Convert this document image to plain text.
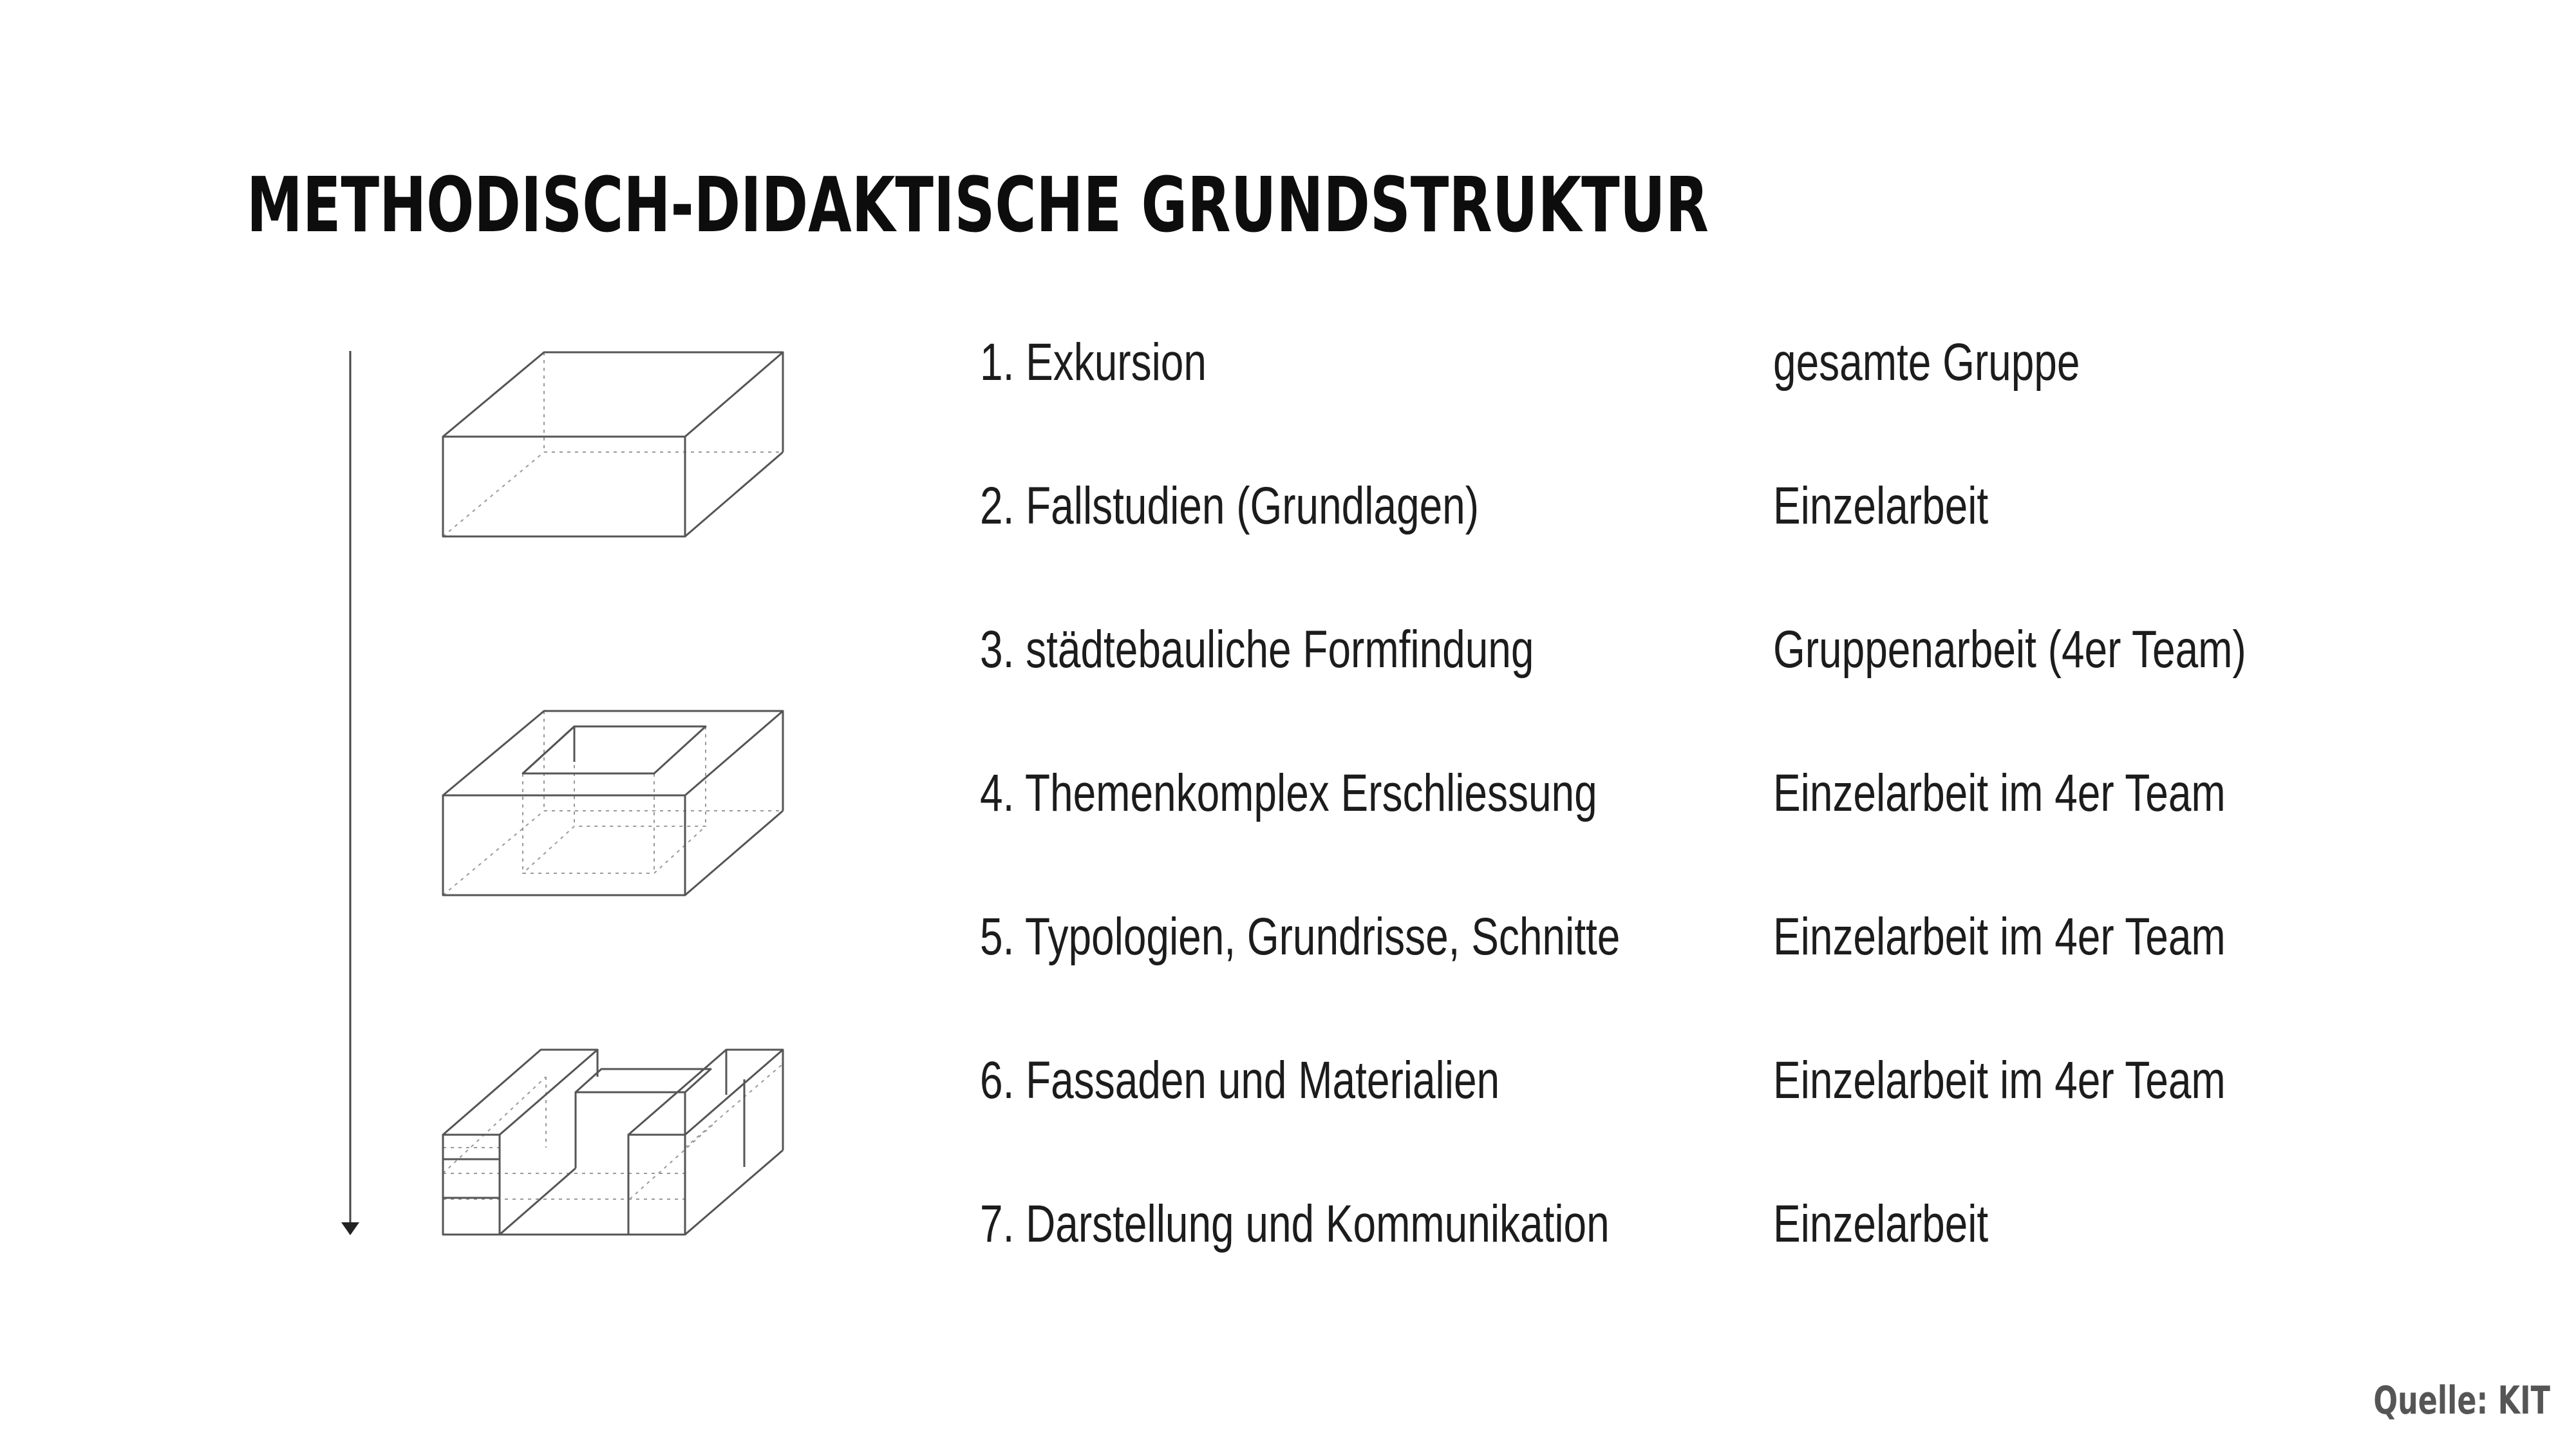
METHODISCH-DIDAKTISCHE GRUNDSTRUKTUR

1. Exkursion	gesamte Gruppe

2. Fallstudien (Grundlagen)	Einzelarbeit

3. städtebauliche Formfindung	Gruppenarbeit (4er Team)

4. Themenkomplex Erschliessung	Einzelarbeit im 4er Team

5. Typologien, Grundrisse, Schnitte	Einzelarbeit im 4er Team

6. Fassaden und Materialien	Einzelarbeit im 4er Team

7. Darstellung und Kommunikation	Einzelarbeit

Quelle: KIT
